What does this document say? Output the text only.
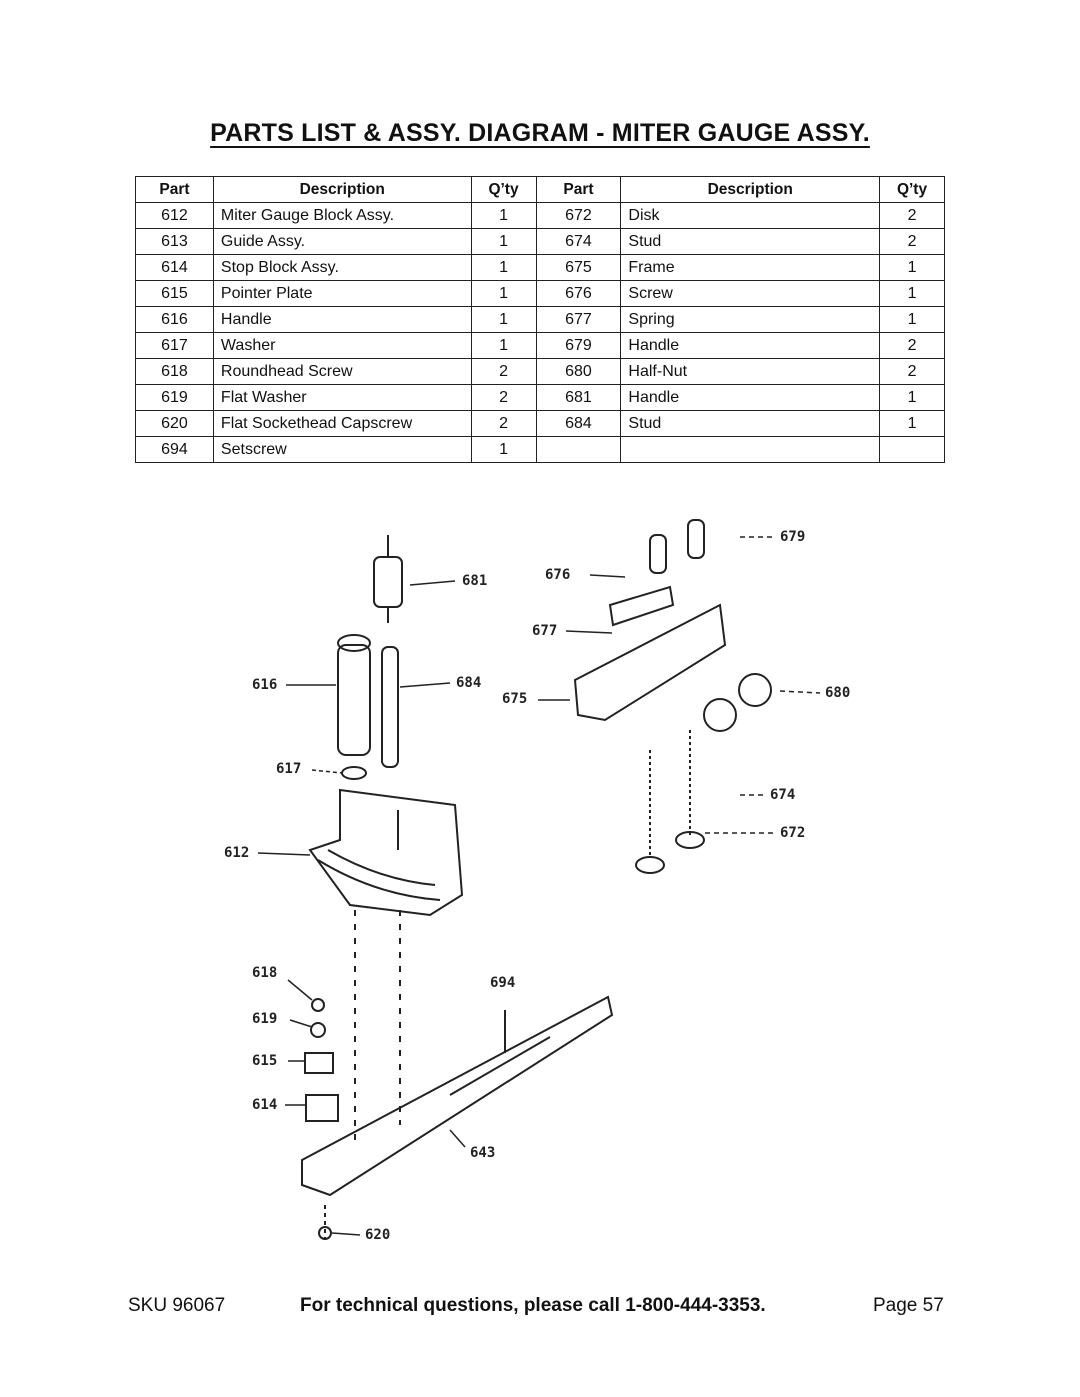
PARTS LIST & ASSY. DIAGRAM - MITER GAUGE ASSY.
Part	Description	Q’ty	Part	Description	Q’ty
612	Miter Gauge Block Assy.	1	672	Disk	2
613	Guide Assy.	1	674	Stud	2
614	Stop Block Assy.	1	675	Frame	1
615	Pointer Plate	1	676	Screw	1
616	Handle	1	677	Spring	1
617	Washer	1	679	Handle	2
618	Roundhead Screw	2	680	Half-Nut	2
619	Flat Washer	2	681	Handle	1
620	Flat Sockethead Capscrew	2	684	Stud	1
694	Setscrew	1			
679
681	676
677
616	684
675	680
617
674
672
612
618
694
619
615
614
643
620
SKU 96067	For technical questions, please call 1-800-444-3353.	Page 57
